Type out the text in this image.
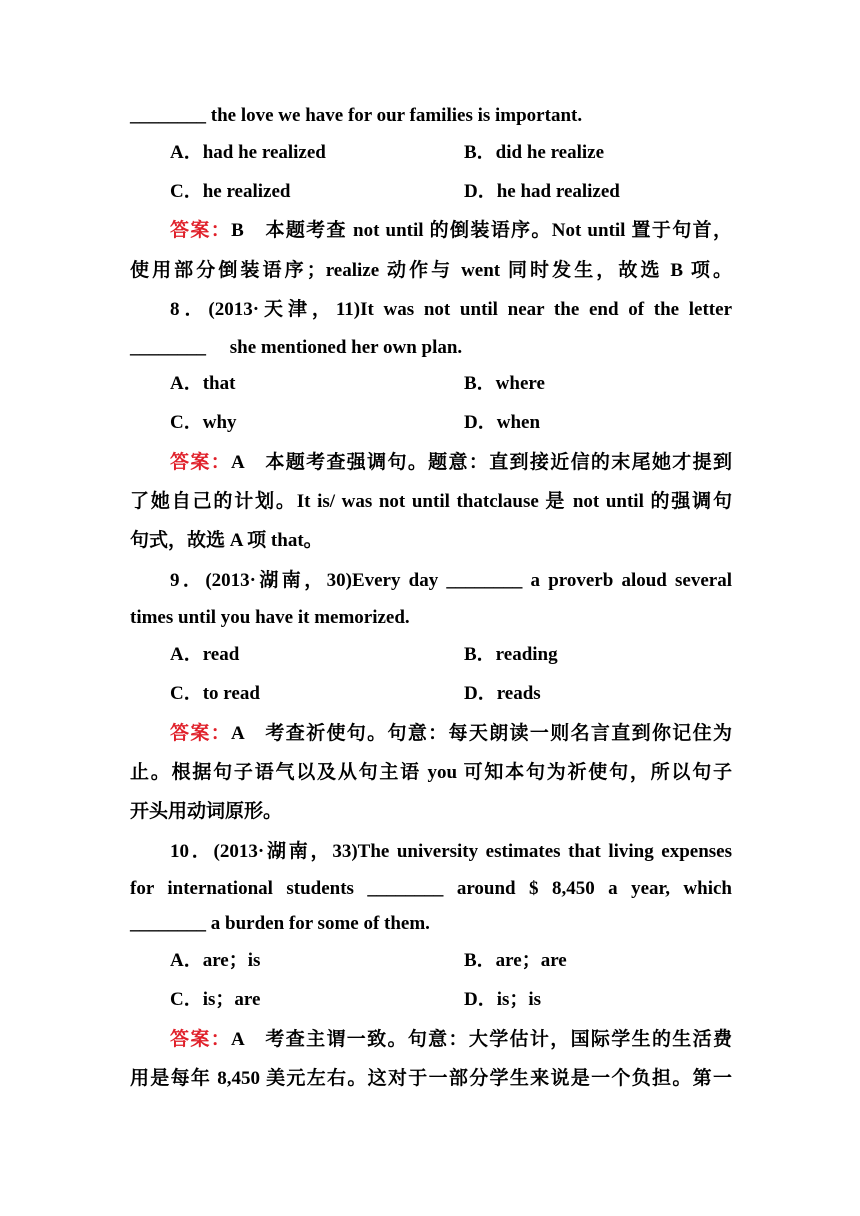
________ the love we have for our families is important.
A．had he realized	B．did he realize
C．he realized	D．he had realized
答案：B　本题考查 not until 的倒装语序。Not until 置于句首，
使用部分倒装语序；realize 动作与 went 同时发生，故选 B 项。
8．(2013·天津，11)It was not until near the end of the letter
________　 she mentioned her own plan.
A．that	B．where
C．why	D．when
答案：A　本题考查强调句。题意：直到接近信的末尾她才提到
了她自己的计划。It is/ was not until thatclause 是 not until 的强调句
句式，故选 A 项 that。
9．(2013·湖南，30)Every day ________ a proverb aloud several
times until you have it memorized.
A．read	B．reading
C．to read	D．reads
答案：A　考查祈使句。句意：每天朗读一则名言直到你记住为
止。根据句子语气以及从句主语 you 可知本句为祈使句，所以句子
开头用动词原形。
10．(2013·湖南，33)The university estimates that living expenses
for international students ________ around $ 8,450 a year, which
________ a burden for some of them.
A．are；is	B．are；are
C．is；are	D．is；is
答案：A　考查主谓一致。句意：大学估计，国际学生的生活费
用是每年 8,450 美元左右。这对于一部分学生来说是一个负担。第一
